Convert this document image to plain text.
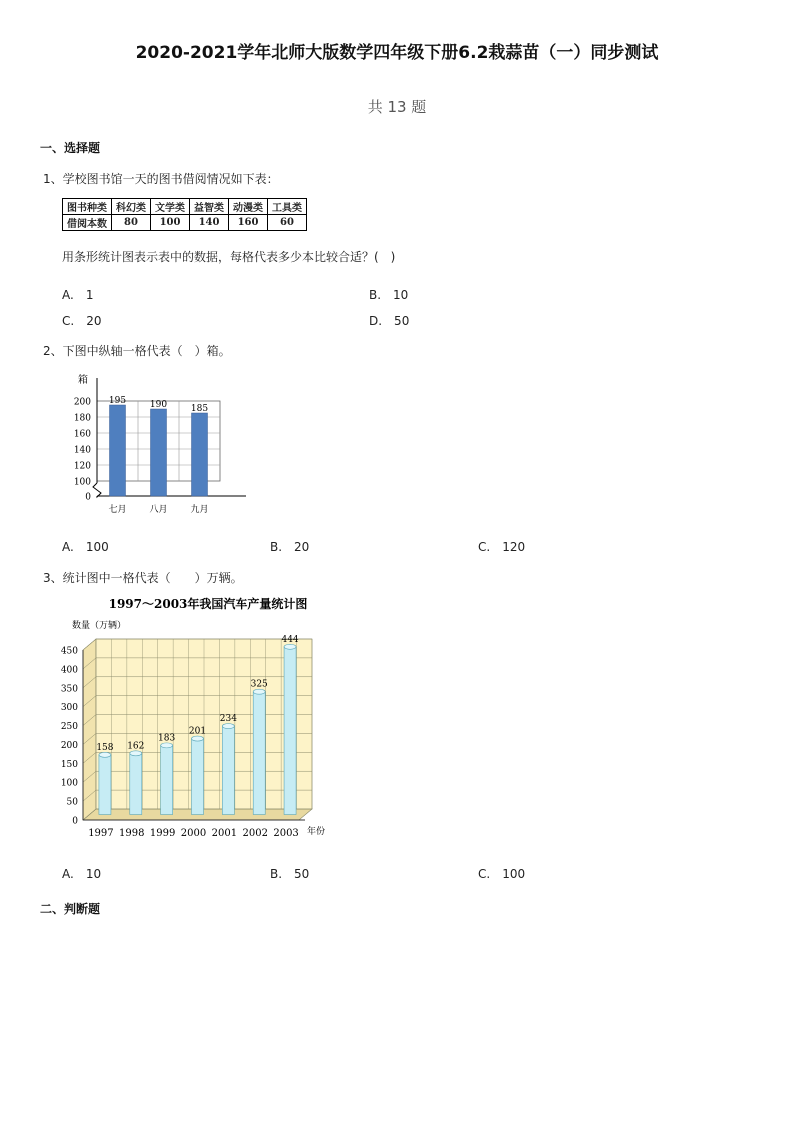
2020-2021学年北师大版数学四年级下册6.2栽蒜苗（一）同步测试
共 13 题
一、选择题
1、学校图书馆一天的图书借阅情况如下表：
图书种类	科幻类	文学类	益智类	动漫类	工具类
借阅本数	80	100	140	160	60
用条形统计图表示表中的数据，每格代表多少本比较合适？(　)
A.　1	B.　10
C.　20	D.　50
2、下图中纵轴一格代表（　）箱。
箱
0
100
120
140
160
180
200 195
七月
190
八月
185
九月
A.　100	B.　20	C.　120
3、统计图中一格代表（　　）万辆。
1997～2003年我国汽车产量统计图
数量（万辆）
0
50
100
150
200
250
300
350
400
450
158
1997
162
1998
183
1999
201
2000
234
2001
325
2002
444
2003 年份
A.　10	B.　50	C.　100
二、判断题
